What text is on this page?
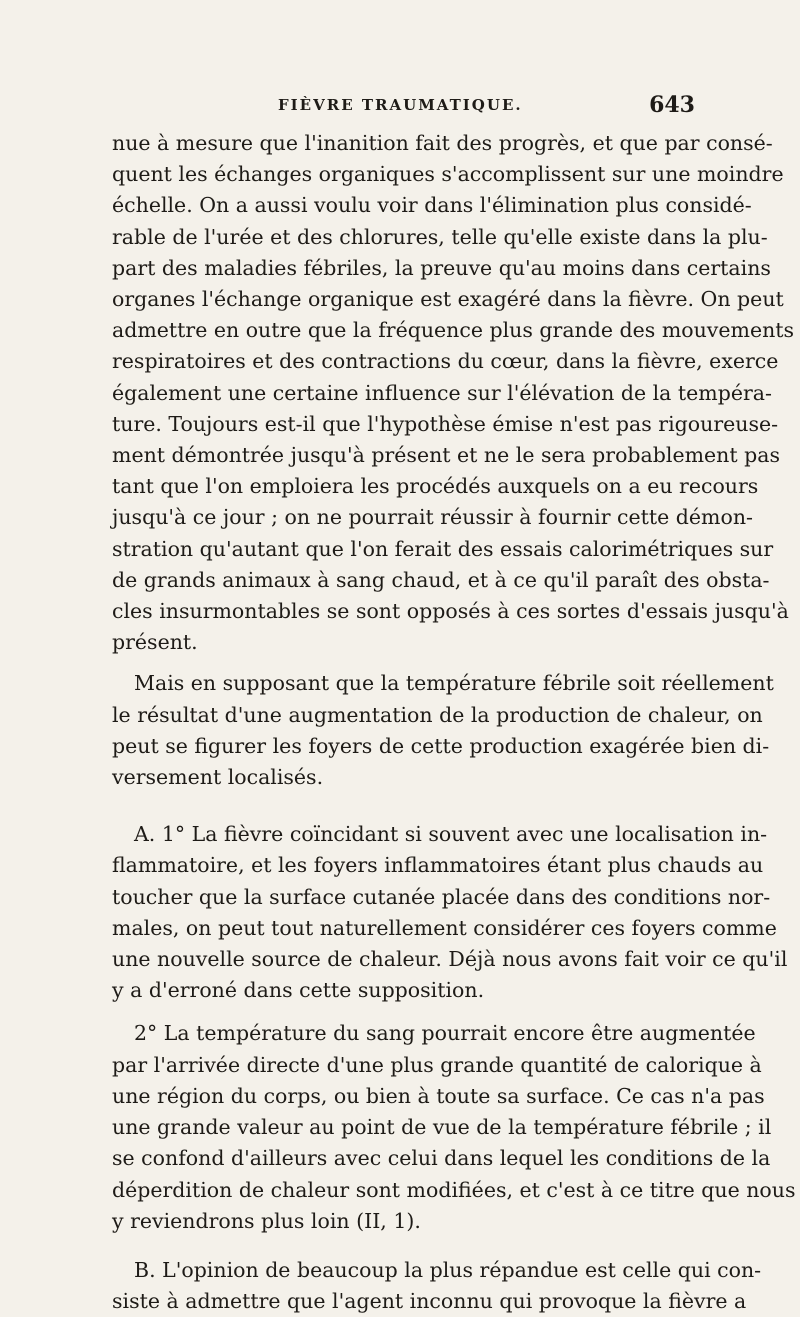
FIÈVRE TRAUMATIQUE.	643
nue à mesure que l'inanition fait des progrès, et que par consé-
quent les échanges organiques s'accomplissent sur une moindre
échelle. On a aussi voulu voir dans l'élimination plus considé-
rable de l'urée et des chlorures, telle qu'elle existe dans la plu-
part des maladies fébriles, la preuve qu'au moins dans certains
organes l'échange organique est exagéré dans la fièvre. On peut
admettre en outre que la fréquence plus grande des mouvements
respiratoires et des contractions du cœur, dans la fièvre, exerce
également une certaine influence sur l'élévation de la tempéra-
ture. Toujours est-il que l'hypothèse émise n'est pas rigoureuse-
ment démontrée jusqu'à présent et ne le sera probablement pas
tant que l'on emploiera les procédés auxquels on a eu recours
jusqu'à ce jour ; on ne pourrait réussir à fournir cette démon-
stration qu'autant que l'on ferait des essais calorimétriques sur
de grands animaux à sang chaud, et à ce qu'il paraît des obsta-
cles insurmontables se sont opposés à ces sortes d'essais jusqu'à
présent.
Mais en supposant que la température fébrile soit réellement
le résultat d'une augmentation de la production de chaleur, on
peut se figurer les foyers de cette production exagérée bien di-
versement localisés.
A. 1° La fièvre coïncidant si souvent avec une localisation in-
flammatoire, et les foyers inflammatoires étant plus chauds au
toucher que la surface cutanée placée dans des conditions nor-
males, on peut tout naturellement considérer ces foyers comme
une nouvelle source de chaleur. Déjà nous avons fait voir ce qu'il
y a d'erroné dans cette supposition.
2° La température du sang pourrait encore être augmentée
par l'arrivée directe d'une plus grande quantité de calorique à
une région du corps, ou bien à toute sa surface. Ce cas n'a pas
une grande valeur au point de vue de la température fébrile ; il
se confond d'ailleurs avec celui dans lequel les conditions de la
déperdition de chaleur sont modifiées, et c'est à ce titre que nous
y reviendrons plus loin (II, 1).
B. L'opinion de beaucoup la plus répandue est celle qui con-
siste à admettre que l'agent inconnu qui provoque la fièvre a
